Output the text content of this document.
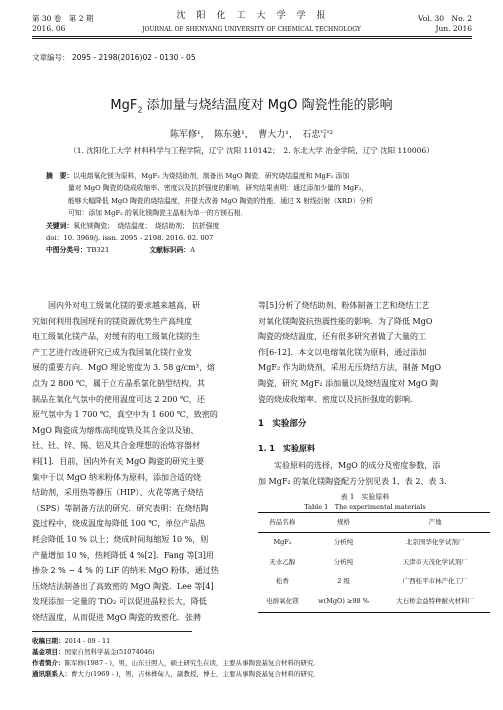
第 30 卷　第 2 期
2016. 06
沈　阳　化　工　大　学　学　报
JOURNAL OF SHENYANG UNIVERSITY OF CHEMICAL TECHNOLOGY
Vol. 30　No. 2
Jun. 2016
文章编号： 2095 - 2198(2016)02 - 0130 - 05
MgF$_2$ 添加量与烧结温度对 MgO 陶瓷性能的影响
陈军修¹，　陈东驰¹，　曹大力¹，　石忠宁²
（1. 沈阳化工大学 材料科学与工程学院，辽宁 沈阳 110142；　2. 东北大学 冶金学院，辽宁 沈阳 110006）
摘　要：以电熔氧化镁为原料，MgF₂ 为烧结助剂，制备出 MgO 陶瓷．研究烧结温度和 MgF₂ 添加
量对 MgO 陶瓷的烧成收缩率、密度以及抗折强度的影响．研究结果表明：通过添加少量的 MgF₂，
能够大幅降低 MgO 陶瓷的烧结温度，并提大改善 MgO 陶瓷的性能．通过 X 射线衍射（XRD）分析
可知：添加 MgF₂ 的氧化镁陶瓷主晶相为单一的方镁石相．
关键词：氧化镁陶瓷；　烧结温度；　烧结助剂；　抗折强度
doi：10. 3969/j. issn. 2095 - 2198. 2016. 02. 007
中图分类号：TB321	文献标识码：A
国内外对电工级氧化镁的要求越来越高，研
究如何利用我国现有的镁资源优势生产高纯度
电工级氧化镁产品，对缓有的电工级氧化镁的生
产工艺进行改进研究已成为我国氧化镁行业发
展的重要方向．MgO 理论密度为 3. 58 g/cm³，熔
点为 2 800 ℃，属于立方晶系氯化钠型结构，其
制品在氧化气氛中的使用温度可达 2 200 ℃，还
原气氛中为 1 700 ℃，真空中为 1 600 ℃，致密的
MgO 陶瓷成为熔炼高纯度铁及其合金以及铀、
钍、钍、锌、锡、铝及其合金理想的冶炼容器材
料[1]．目前，国内外有关 MgO 陶瓷的研究主要
集中于以 MgO 纳米粉体为原料，添加合适的烧
结助剂，采用热等静压（HIP）、火花等离子烧结
（SPS）等制备方法的研究．研究表明：在烧结陶
瓷过程中，烧成温度每降低 100 ℃，单位产品热
耗会降低 10 % 以上；烧成时间每缩短 10 %，则
产量增加 10 %，热耗降低 4 %[2]．Fang 等[3]用
掺杂 2 % ~ 4 % 的 LiF 的纳米 MgO 粉体，通过热
压烧结法制备出了高致密的 MgO 陶瓷．Lee 等[4]
发现添加一定量的 TiO₂ 可以促进晶粒长大，降低
烧结温度，从而促进 MgO 陶瓷的致密化．张骋
等[5]分析了烧结助剂、粉体制备工艺和烧结工艺
对氧化镁陶瓷抗热震性能的影响．为了降低 MgO
陶瓷的烧结温度，还有很多研究者做了大量的工
作[6-12]．本文以电熔氧化镁为原料，通过添加
MgF₂ 作为助烧剂，采用无压烧结方法，制备 MgO
陶瓷，研究 MgF₂ 添加量以及烧结温度对 MgO 陶
瓷的烧成收缩率、密度以及抗折强度的影响．
1　实验部分
1. 1　实验原料
实验原料的选择，MgO 的成分及密度参数，添
加 MgF₂ 的氧化镁陶瓷配方分别见表 1、表 2、表 3.
表 1　实验原料
Table 1　The experimental materials
药品名称	规格	产地
MgF₂	分析纯	北京国华化学试剂厂
无水乙醇	分析纯	天津市天茂化学试剂厂
松香	2 级	广西桂平市林产化工厂
电熔氧化镁	w(MgO) ≥98 %	大石桥金益特种耐火材料厂
收稿日期：2014 - 09 - 11
基金项目：国家自然科学基金(51074046)
作者简介：陈军修(1987 - )，男，山东日照人，硕士研究生在读，主要从事陶瓷基复合材料的研究．
通讯联系人：曹大力(1969 - )，男，吉林桦甸人，副教授，博士，主要从事陶瓷基复合材料的研究．
